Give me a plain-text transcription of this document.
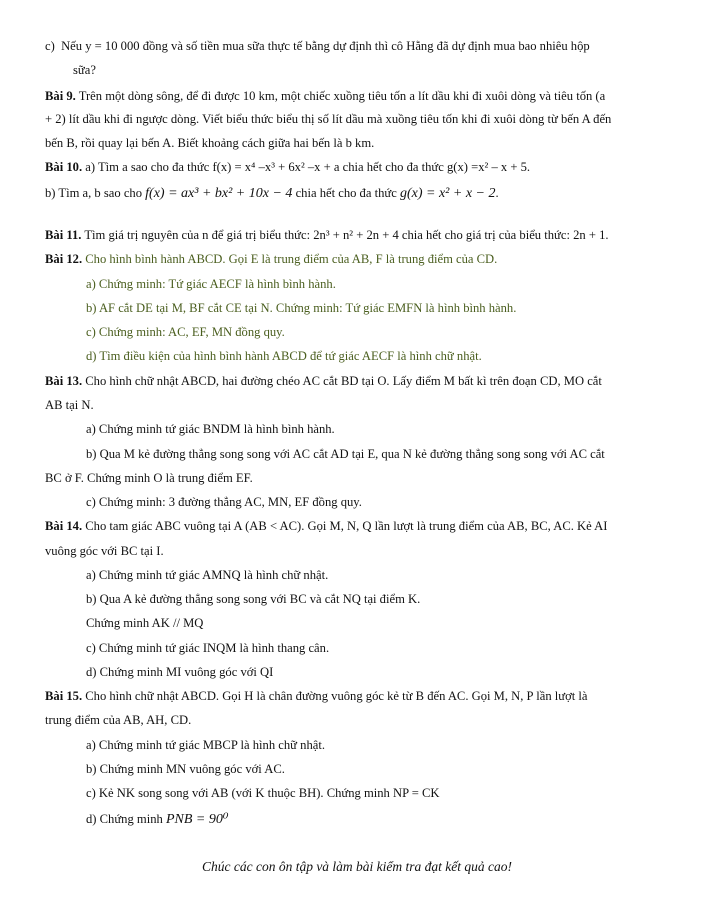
c)  Nếu y = 10 000 đồng và số tiền mua sữa thực tế bằng dự định thì cô Hằng đã dự định mua bao nhiêu hộp
sữa?
Bài 9. Trên một dòng sông, để đi được 10 km, một chiếc xuồng tiêu tốn a lít dầu khi đi xuôi dòng và tiêu tốn (a
+ 2) lít dầu khi đi ngược dòng. Viết biểu thức biểu thị số lít dầu mà xuồng tiêu tốn khi đi xuôi dòng từ bến A đến
bến B, rồi quay lại bến A. Biết khoảng cách giữa hai bến là b km.
Bài 10. a) Tìm a sao cho đa thức f(x) = x⁴ –x³ + 6x² –x + a chia hết cho đa thức g(x) =x² – x + 5.
b) Tìm a, b sao cho f(x) = ax³ + bx² + 10x − 4 chia hết cho đa thức g(x) = x² + x − 2.
Bài 11. Tìm giá trị nguyên của n để giá trị biểu thức: 2n³ + n² + 2n + 4 chia hết cho giá trị của biểu thức: 2n + 1.
Bài 12. Cho hình bình hành ABCD. Gọi E là trung điểm của AB, F là trung điểm của CD.
a) Chứng minh: Tứ giác AECF là hình bình hành.
b) AF cắt DE tại M, BF cắt CE tại N. Chứng minh: Tứ giác EMFN là hình bình hành.
c) Chứng minh: AC, EF, MN đồng quy.
d) Tìm điều kiện của hình bình hành ABCD để tứ giác AECF là hình chữ nhật.
Bài 13. Cho hình chữ nhật ABCD, hai đường chéo AC cắt BD tại O. Lấy điểm M bất kì trên đoạn CD, MO cắt
AB tại N.
a) Chứng minh tứ giác BNDM là hình bình hành.
b) Qua M kẻ đường thẳng song song với AC cắt AD tại E, qua N kẻ đường thẳng song song với AC cắt
BC ở F. Chứng minh O là trung điểm EF.
c) Chứng minh: 3 đường thẳng AC, MN, EF đồng quy.
Bài 14. Cho tam giác ABC vuông tại A (AB < AC). Gọi M, N, Q lần lượt là trung điểm của AB, BC, AC. Kẻ AI
vuông góc với BC tại I.
a) Chứng minh tứ giác AMNQ là hình chữ nhật.
b) Qua A kẻ đường thẳng song song với BC và cắt NQ tại điểm K.
Chứng minh AK // MQ
c) Chứng minh tứ giác INQM là hình thang cân.
d) Chứng minh MI vuông góc với QI
Bài 15. Cho hình chữ nhật ABCD. Gọi H là chân đường vuông góc kẻ từ B đến AC. Gọi M, N, P lần lượt là
trung điểm của AB, AH, CD.
a) Chứng minh tứ giác MBCP là hình chữ nhật.
b) Chứng minh MN vuông góc với AC.
c) Kẻ NK song song với AB (với K thuộc BH). Chứng minh NP = CK
d) Chứng minh PNB = 90⁰
Chúc các con ôn tập và làm bài kiểm tra đạt kết quả cao!
